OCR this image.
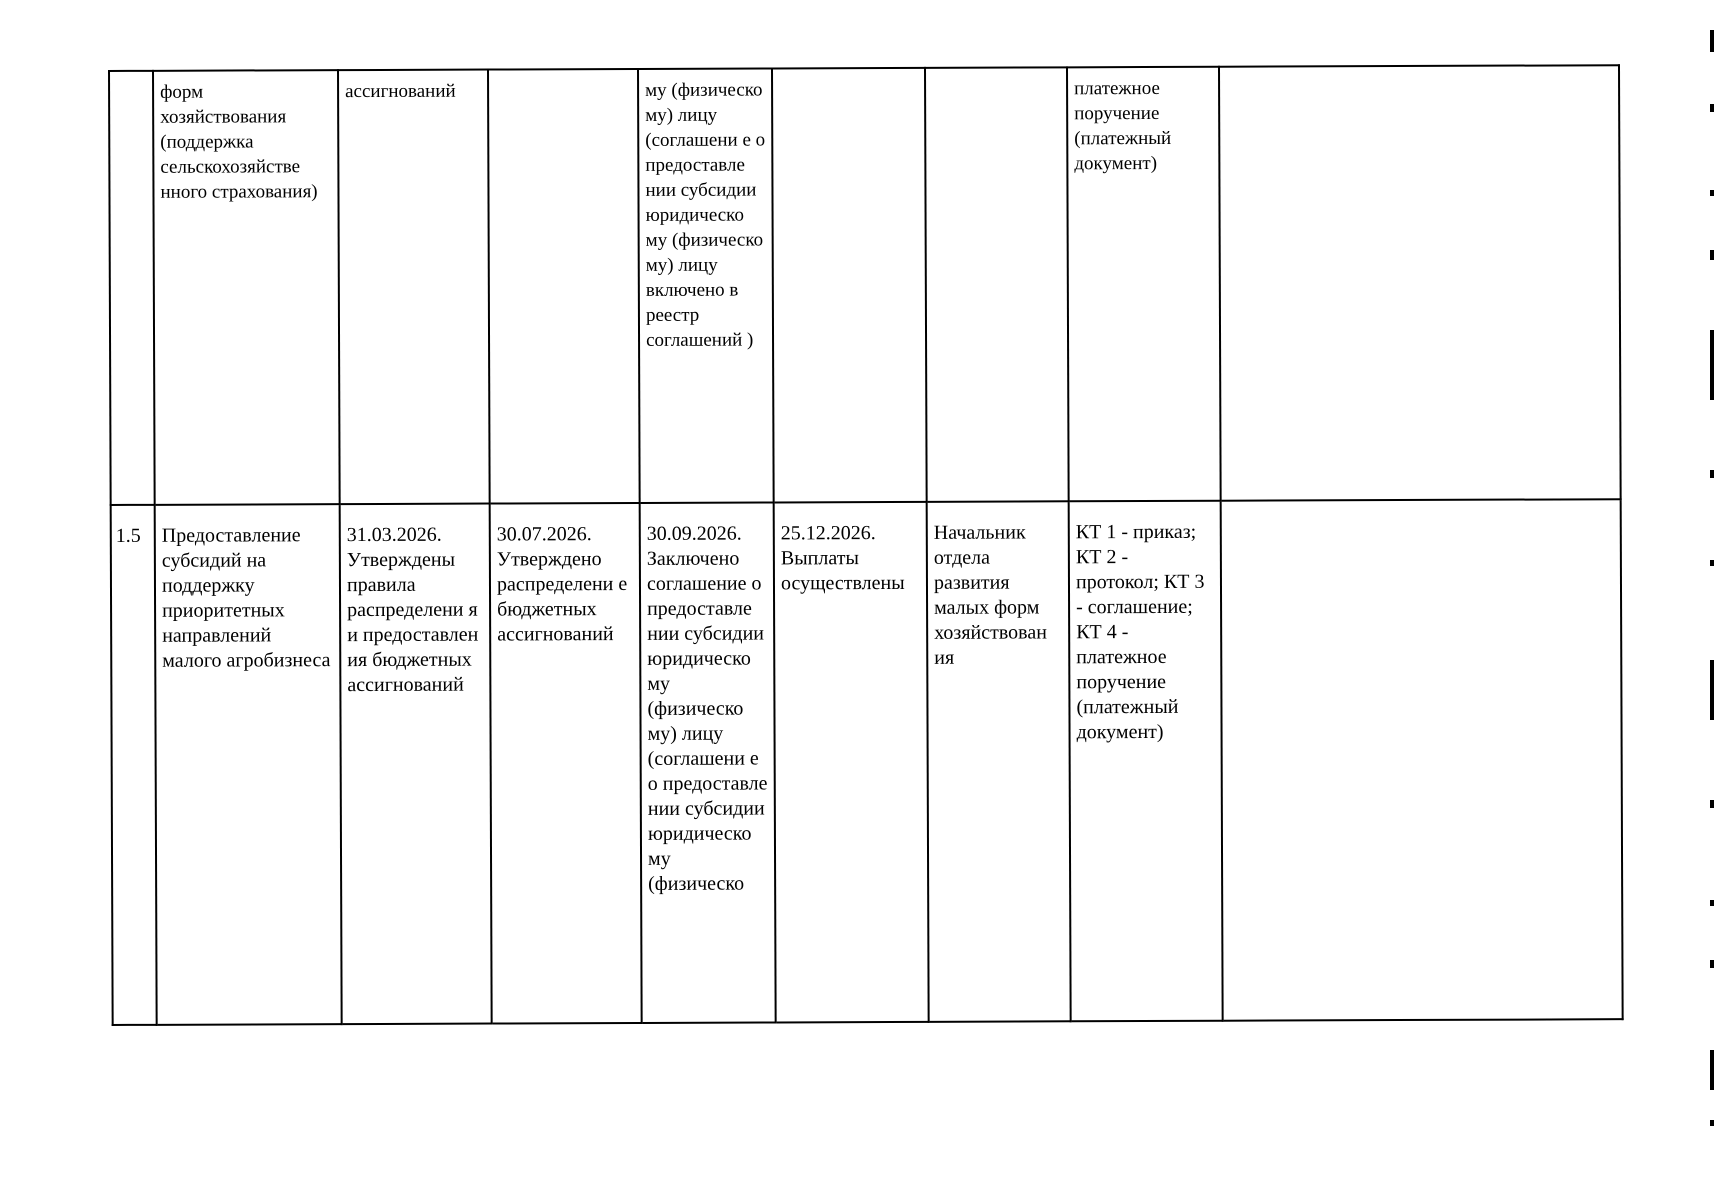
	форм хозяйствования (поддержка сельскохозяйстве нного страхования)	ассигнований		му (физическо му) лицу (соглашени е о предоставле нии субсидии юридическо му (физическо му) лицу включено в реестр соглашений )			платежное поручение (платежный документ)	
1.5	Предоставление субсидий на поддержку приоритетных направлений малого агробизнеса	31.03.2026. Утверждены правила распределени я и предоставлен ия бюджетных ассигнований	30.07.2026. Утверждено распределени е бюджетных ассигнований	30.09.2026. Заключено соглашение о предоставле нии субсидии юридическо му (физическо му) лицу (соглашени е о предоставле нии субсидии юридическо му (физическо	25.12.2026. Выплаты осуществлены	Начальник отдела развития малых форм хозяйствован ия	КТ 1 - приказ; КТ 2 - протокол; КТ 3 - соглашение; КТ 4 - платежное поручение (платежный документ)	
